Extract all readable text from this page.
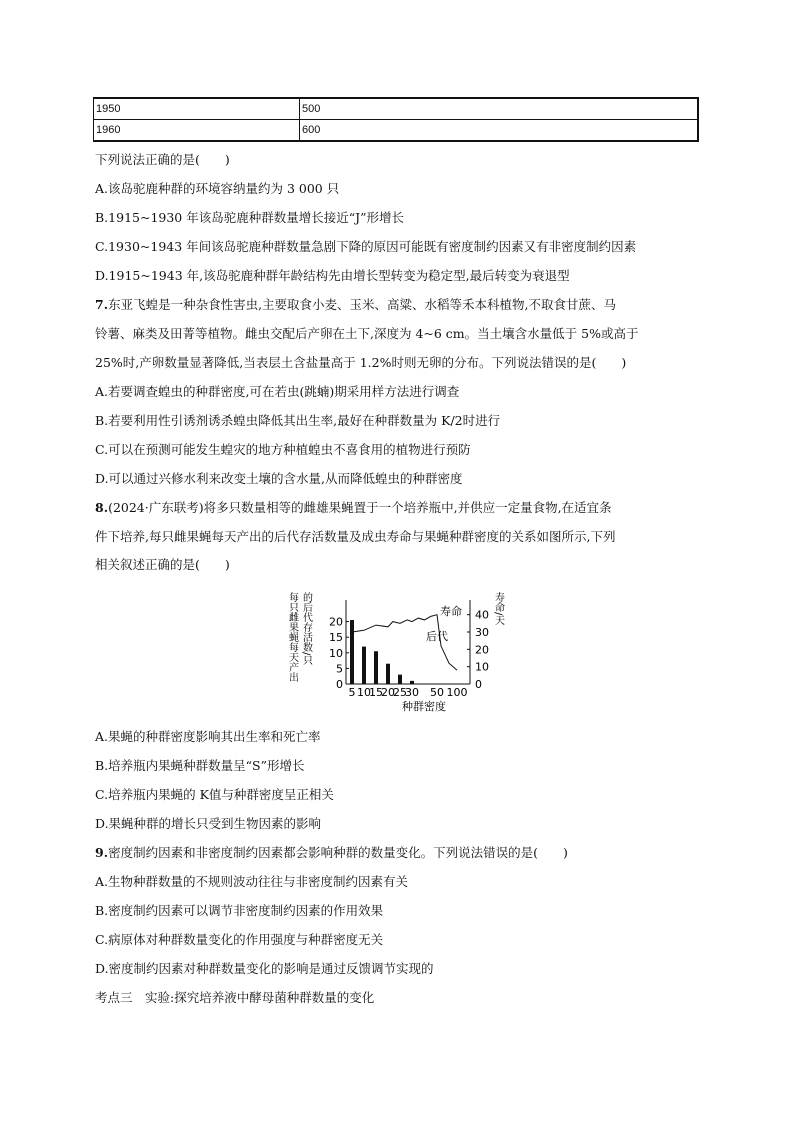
1950	500
1960	600
下列说法正确的是(　　)
A.该岛驼鹿种群的环境容纳量约为 3 000 只
B.1915~1930 年该岛驼鹿种群数量增长接近“J”形增长
C.1930~1943 年间该岛驼鹿种群数量急剧下降的原因可能既有密度制约因素又有非密度制约因素
D.1915~1943 年,该岛驼鹿种群年龄结构先由增长型转变为稳定型,最后转变为衰退型
7.东亚飞蝗是一种杂食性害虫,主要取食小麦、玉米、高粱、水稻等禾本科植物,不取食甘蔗、马
铃薯、麻类及田菁等植物。雌虫交配后产卵在土下,深度为 4~6 cm。当土壤含水量低于 5%或高于
25%时,产卵数量显著降低,当表层土含盐量高于 1.2%时则无卵的分布。下列说法错误的是(　　)
A.若要调查蝗虫的种群密度,可在若虫(跳蝻)期采用样方法进行调查
B.若要利用性引诱剂诱杀蝗虫降低其出生率,最好在种群数量为 K/2时进行
C.可以在预测可能发生蝗灾的地方种植蝗虫不喜食用的植物进行预防
D.可以通过兴修水利来改变土壤的含水量,从而降低蝗虫的种群密度
8.(2024·广东联考)将多只数量相等的雌雄果蝇置于一个培养瓶中,并供应一定量食物,在适宜条
件下培养,每只雌果蝇每天产出的后代存活数量及成虫寿命与果蝇种群密度的关系如图所示,下列
相关叙述正确的是(　　)
每只雌果蝇每天产出 的后代存活数/只	寿命/天
0
5
10
15
20
0
10
20
30
40
5 10
15
20
25
30 50 100
后代
寿命
种群密度
A.果蝇的种群密度影响其出生率和死亡率
B.培养瓶内果蝇种群数量呈“S”形增长
C.培养瓶内果蝇的 K值与种群密度呈正相关
D.果蝇种群的增长只受到生物因素的影响
9.密度制约因素和非密度制约因素都会影响种群的数量变化。下列说法错误的是(　　)
A.生物种群数量的不规则波动往往与非密度制约因素有关
B.密度制约因素可以调节非密度制约因素的作用效果
C.病原体对种群数量变化的作用强度与种群密度无关
D.密度制约因素对种群数量变化的影响是通过反馈调节实现的
考点三　实验:探究培养液中酵母菌种群数量的变化
